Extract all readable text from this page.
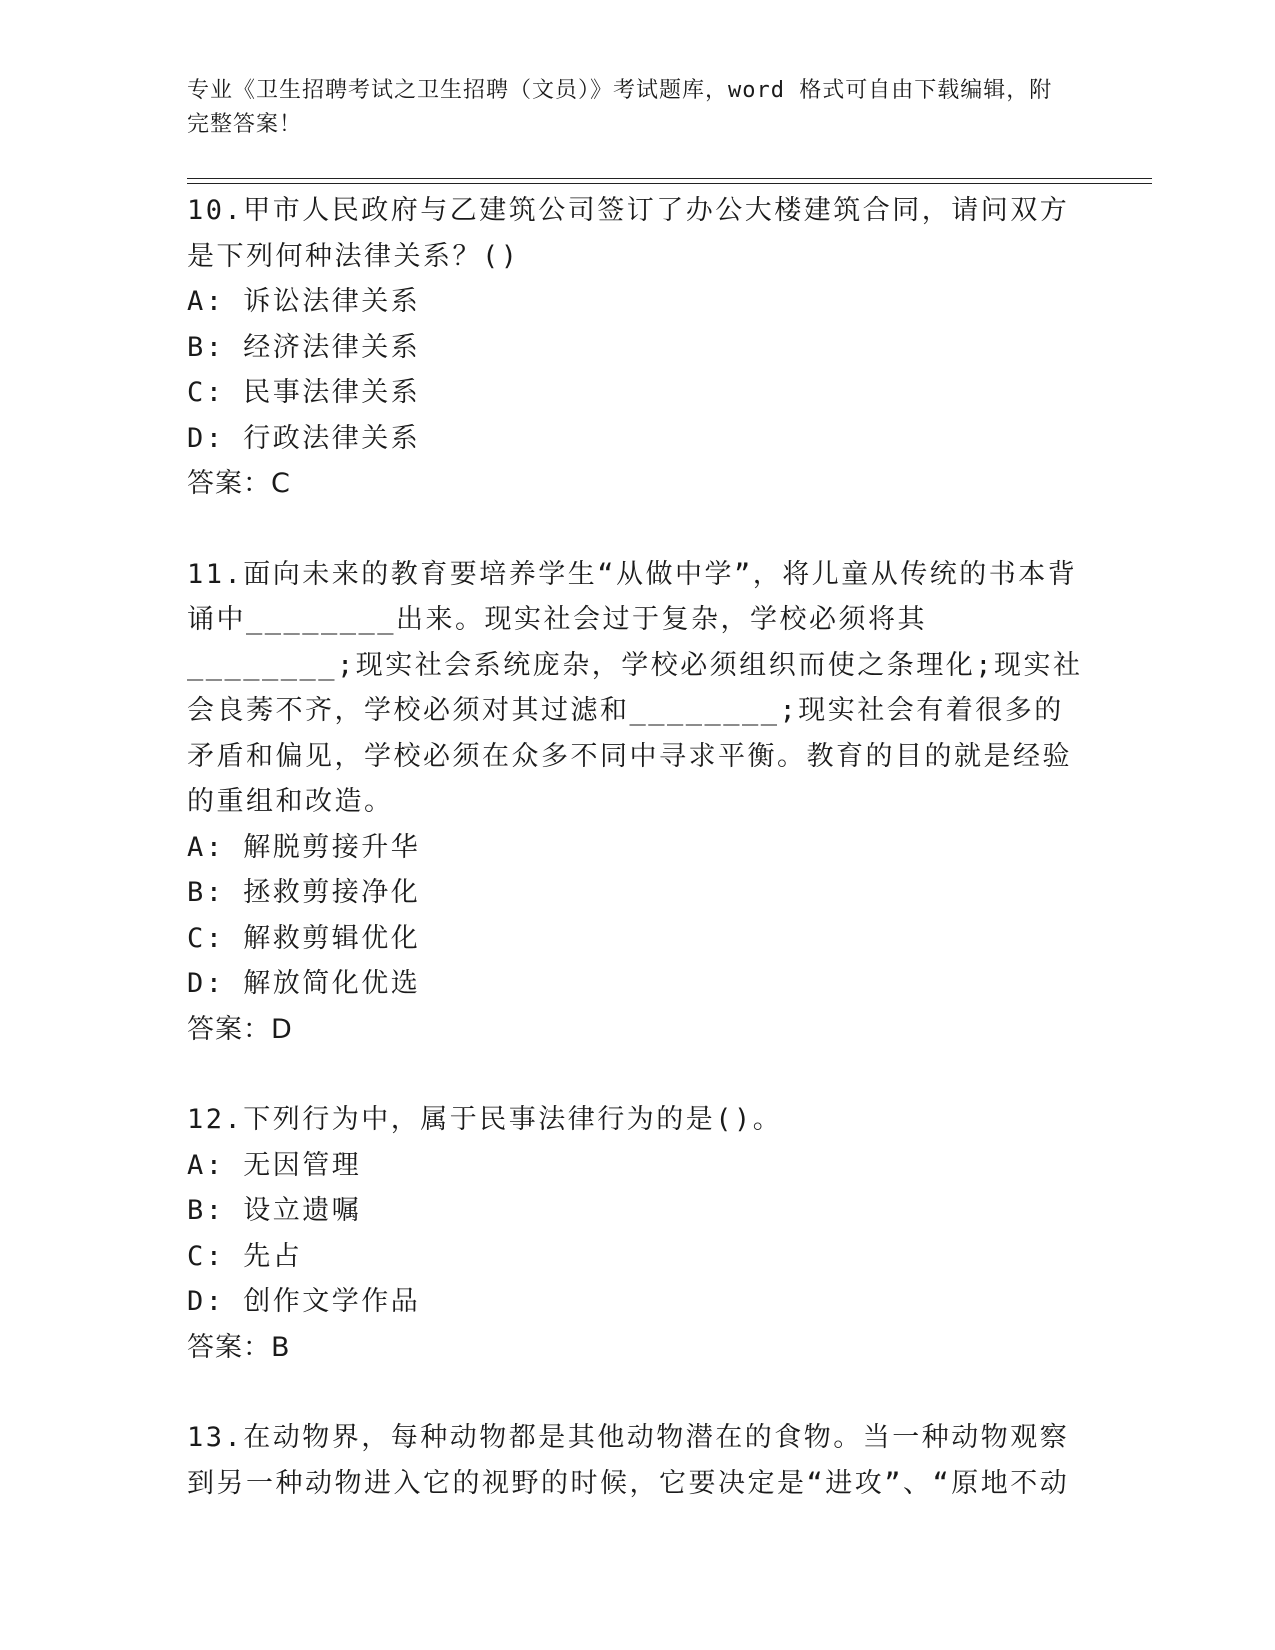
专业《卫生招聘考试之卫生招聘（文员）》考试题库，word 格式可自由下载编辑，附完整答案！

10.甲市人民政府与乙建筑公司签订了办公大楼建筑合同，请问双方是下列何种法律关系？()

A: 诉讼法律关系

B: 经济法律关系

C: 民事法律关系

D: 行政法律关系

答案：C

11.面向未来的教育要培养学生“从做中学”，将儿童从传统的书本背诵中________出来。现实社会过于复杂，学校必须将其________;现实社会系统庞杂，学校必须组织而使之条理化;现实社会良莠不齐，学校必须对其过滤和________;现实社会有着很多的矛盾和偏见，学校必须在众多不同中寻求平衡。教育的目的就是经验的重组和改造。

A: 解脱剪接升华

B: 拯救剪接净化

C: 解救剪辑优化

D: 解放简化优选

答案：D

12.下列行为中，属于民事法律行为的是()。

A: 无因管理

B: 设立遗嘱

C: 先占

D: 创作文学作品

答案：B

13.在动物界，每种动物都是其他动物潜在的食物。当一种动物观察到另一种动物进入它的视野的时候，它要决定是“进攻”、“原地不动
